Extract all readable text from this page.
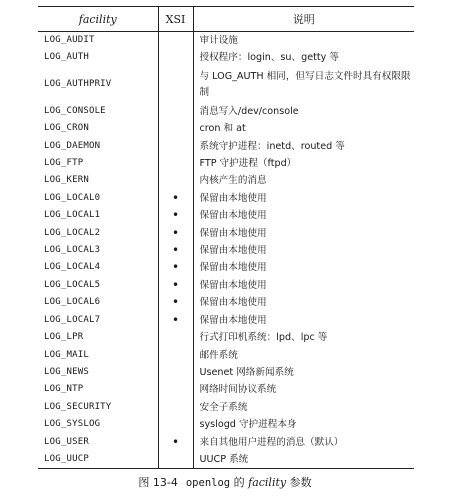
facility	XSI	说明
LOG_AUDIT		审计设施
LOG_AUTH		授权程序：login、su、getty 等
LOG_AUTHPRIV		与 LOG_AUTH 相同，但写日志文件时具有权限限制
LOG_CONSOLE		消息写入/dev/console
LOG_CRON		cron 和 at
LOG_DAEMON		系统守护进程：inetd、routed 等
LOG_FTP		FTP 守护进程（ftpd）
LOG_KERN		内核产生的消息
LOG_LOCAL0	•	保留由本地使用
LOG_LOCAL1	•	保留由本地使用
LOG_LOCAL2	•	保留由本地使用
LOG_LOCAL3	•	保留由本地使用
LOG_LOCAL4	•	保留由本地使用
LOG_LOCAL5	•	保留由本地使用
LOG_LOCAL6	•	保留由本地使用
LOG_LOCAL7	•	保留由本地使用
LOG_LPR		行式打印机系统：lpd、lpc 等
LOG_MAIL		邮件系统
LOG_NEWS		Usenet 网络新闻系统
LOG_NTP		网络时间协议系统
LOG_SECURITY		安全子系统
LOG_SYSLOG		syslogd 守护进程本身
LOG_USER	•	来自其他用户进程的消息（默认）
LOG_UUCP		UUCP 系统
图 13-4 openlog 的 facility 参数
